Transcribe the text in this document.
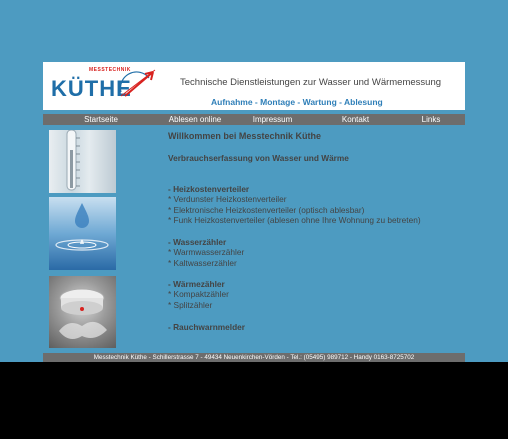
MESSTECHNIK
KÜTHE	Technische Dienstleistungen zur Wasser und Wärmemessung
Aufnahme - Montage - Wartung - Ablesung
Startseite	Ablesen online	Impressum	Kontakt	Links

Willkommen bei Messtechnik Küthe

Verbrauchserfassung von Wasser und Wärme

- Heizkostenverteiler
* Verdunster Heizkostenverteiler
* Elektronische Heizkostenverteiler (optisch ablesbar)
* Funk Heizkostenverteiler (ablesen ohne Ihre Wohnung zu betreten)
- Wasserzähler
* Warmwasserzähler
* Kaltwasserzähler
- Wärmezähler
* Kompaktzähler
* Splitzähler
- Rauchwarnmelder
Messtechnik Küthe - Schillerstrasse 7 - 49434 Neuenkirchen-Vörden - Tel.: (05495) 989712 - Handy 0163-8725702
